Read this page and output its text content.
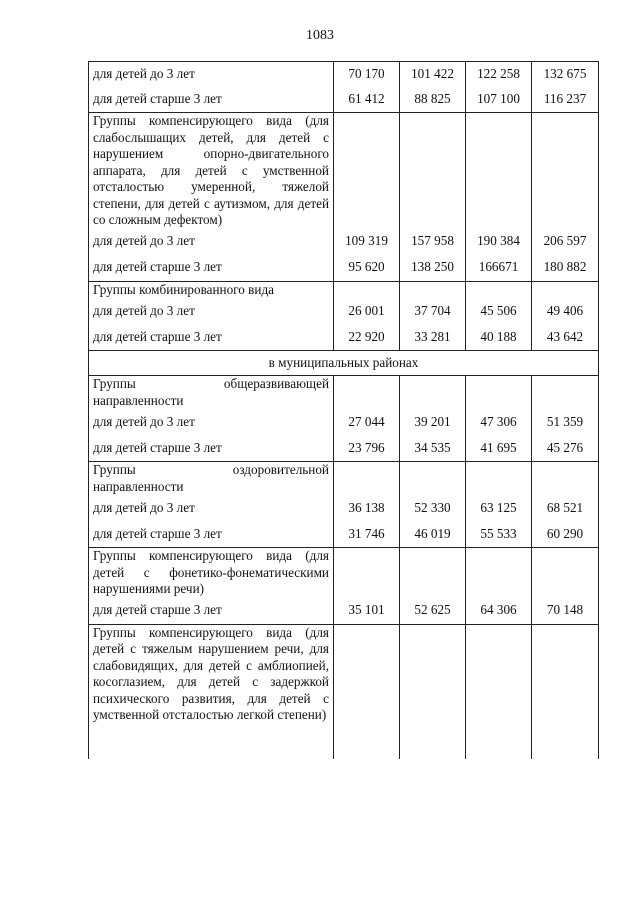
1083
для детей до 3 лет	70 170	101 422	122 258	132 675
для детей старше 3 лет	61 412	88 825	107 100	116 237
Группы компенсирующего вида (для слабослышащих детей, для детей с нарушением опорно-двигательного аппарата, для детей с умственной отсталостью умеренной, тяжелой степени, для детей с аутизмом, для детей со сложным дефектом)				
для детей до 3 лет	109 319	157 958	190 384	206 597
для детей старше 3 лет	95 620	138 250	166671	180 882
Группы комбинированного вида				
для детей до 3 лет	26 001	37 704	45 506	49 406
для детей старше 3 лет	22 920	33 281	40 188	43 642
в муниципальных районах				
Группы общеразвивающей направленности				
для детей до 3 лет	27 044	39 201	47 306	51 359
для детей старше 3 лет	23 796	34 535	41 695	45 276
Группы оздоровительной направленности				
для детей до 3 лет	36 138	52 330	63 125	68 521
для детей старше 3 лет	31 746	46 019	55 533	60 290
Группы компенсирующего вида (для детей с фонетико-фонематическими нарушениями речи)				
для детей старше 3 лет	35 101	52 625	64 306	70 148
Группы компенсирующего вида (для детей с тяжелым нарушением речи, для слабовидящих, для детей с амблиопией, косоглазием, для детей с задержкой психического развития, для детей с умственной отсталостью легкой степени)				
